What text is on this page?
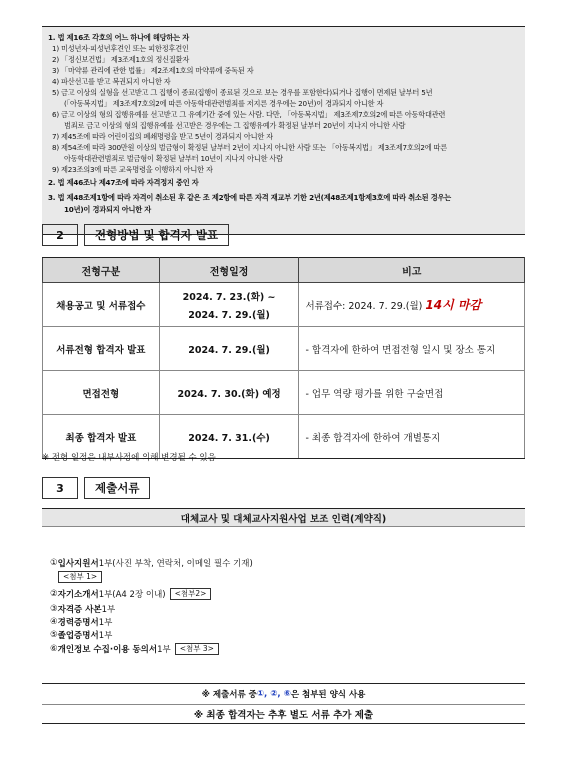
1. 법 제16조 각호의 어느 하나에 해당하는 자
1) 미성년자·피성년후견인 또는 피한정후견인
2) 「정신보건법」 제3조제1호의 정신질환자
3) 「마약류 관리에 관한 법률」 제2조제1호의 마약류에 중독된 자
4) 파산선고를 받고 복권되지 아니한 자
5) 금고 이상의 실형을 선고받고 그 집행이 종료(집행이 종료된 것으로 보는 경우를 포함한다)되거나 집행이 면제된 날부터 5년
(「아동복지법」 제3조제7호의2에 따른 아동학대관련범죄를 저지른 경우에는 20년)이 경과되지 아니한 자
6) 금고 이상의 형의 집행유예를 선고받고 그 유예기간 중에 있는 사람. 다만, 「아동복지법」 제3조제7호의2에 따른 아동학대관련
범죄로 금고 이상의 형의 집행유예를 선고받은 경우에는 그 집행유예가 확정된 날부터 20년이 지나지 아니한 사람
7) 제45조에 따라 어린이집의 폐쇄명령을 받고 5년이 경과되지 아니한 자
8) 제54조에 따라 300만원 이상의 벌금형이 확정된 날부터 2년이 지나지 아니한 사람 또는 「아동복지법」 제3조제7호의2에 따른
아동학대관련범죄로 벌금형이 확정된 날부터 10년이 지나지 아니한 사람
9) 제23조의3에 따른 교육명령을 이행하지 아니한 자
2. 법 제46조나 제47조에 따라 자격정지 중인 자
3. 법 제48조제1항에 따라 자격이 취소된 후 같은 조 제2항에 따른 자격 재교부 기한 2년(제48조제1항제3호에 따라 취소된 경우는
10년)이 경과되지 아니한 자
2	전형방법 및 합격자 발표
전형구분	전형일정	비고
채용공고 및 서류접수	2024. 7. 23.(화) ~
2024. 7. 29.(월)	서류접수: 2024. 7. 29.(월) 14시 마감
서류전형 합격자 발표	2024. 7. 29.(월)	- 합격자에 한하여 면접전형 일시 및 장소 통지
면접전형	2024. 7. 30.(화) 예정	- 업무 역량 평가를 위한 구술면접
최종 합격자 발표	2024. 7. 31.(수)	- 최종 합격자에 한하여 개별통지
※ 전형 일정은 내부사정에 의해 변경될 수 있음
3	제출서류
대체교사 및 대체교사지원사업 보조 인력(계약직)
① 입사지원서 1부(사진 부착, 연락처, 이메일 필수 기재)
<첨부 1>
② 자기소개서 1부(A4 2장 이내)	<첨부2>
③ 자격증 사본 1부
④ 경력증명서 1부
⑤ 졸업증명서 1부
⑥ 개인정보 수집·이용 동의서 1부	<첨부 3>
※ 제출서류 중 ①, ②, ⑥ 은 첨부된 양식 사용
※ 최종 합격자는 추후 별도 서류 추가 제출
